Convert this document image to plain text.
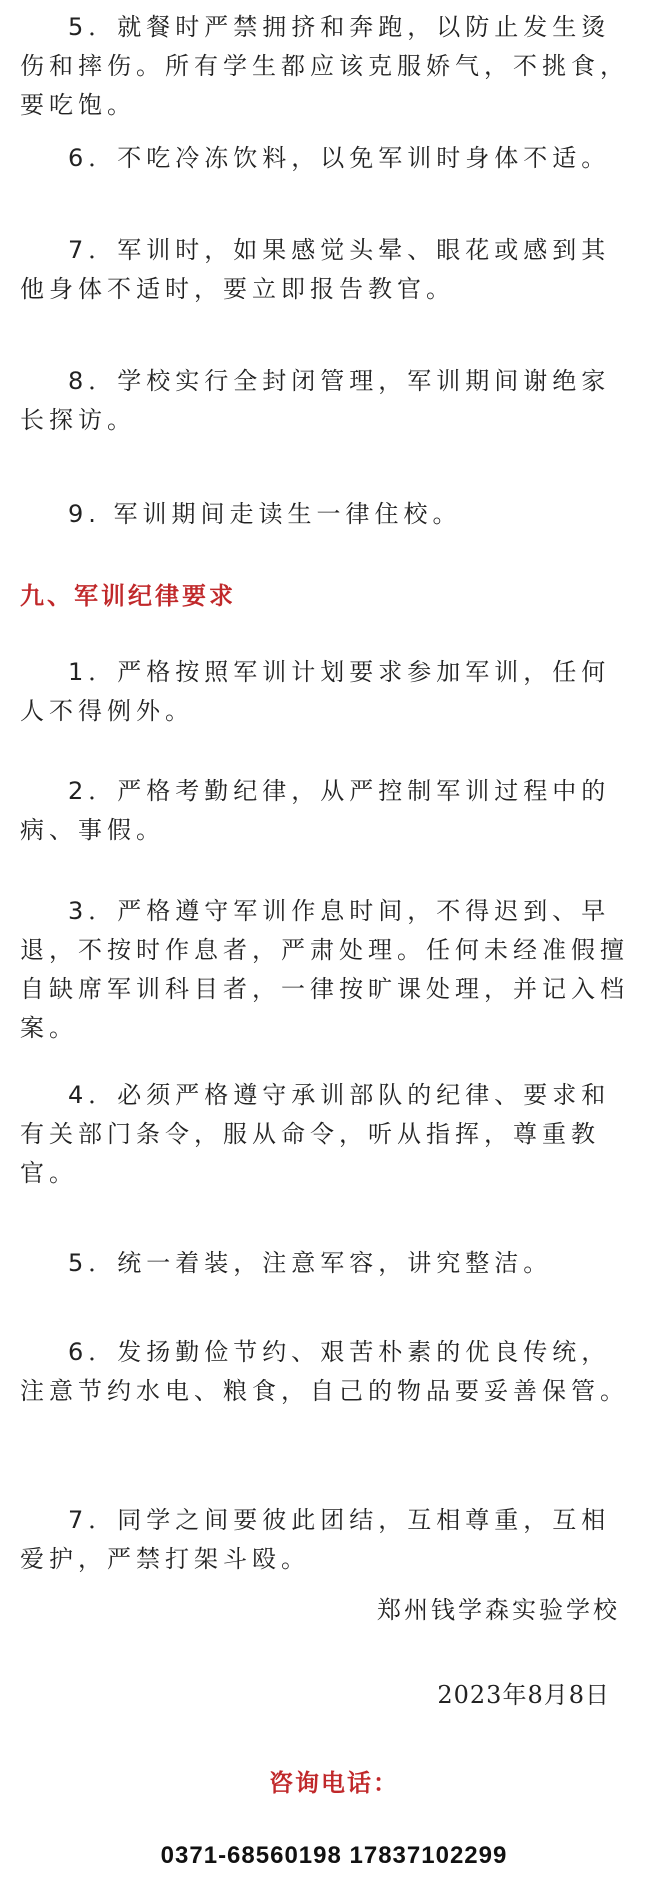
5．就餐时严禁拥挤和奔跑，以防止发生烫伤和摔伤。所有学生都应该克服娇气，不挑食，要吃饱。

6．不吃冷冻饮料，以免军训时身体不适。

7．军训时，如果感觉头晕、眼花或感到其他身体不适时，要立即报告教官。

8．学校实行全封闭管理，军训期间谢绝家长探访。

9. 军训期间走读生一律住校。

九、军训纪律要求

1．严格按照军训计划要求参加军训，任何人不得例外。

2．严格考勤纪律，从严控制军训过程中的病、事假。

3．严格遵守军训作息时间，不得迟到、早退，不按时作息者，严肃处理。任何未经准假擅自缺席军训科目者，一律按旷课处理，并记入档案。

4．必须严格遵守承训部队的纪律、要求和有关部门条令，服从命令，听从指挥，尊重教官。

5．统一着装，注意军容，讲究整洁。

6．发扬勤俭节约、艰苦朴素的优良传统，注意节约水电、粮食，自己的物品要妥善保管。

7．同学之间要彼此团结，互相尊重，互相爱护，严禁打架斗殴。

郑州钱学森实验学校
2023年8月8日
咨询电话：
0371-68560198 17837102299
